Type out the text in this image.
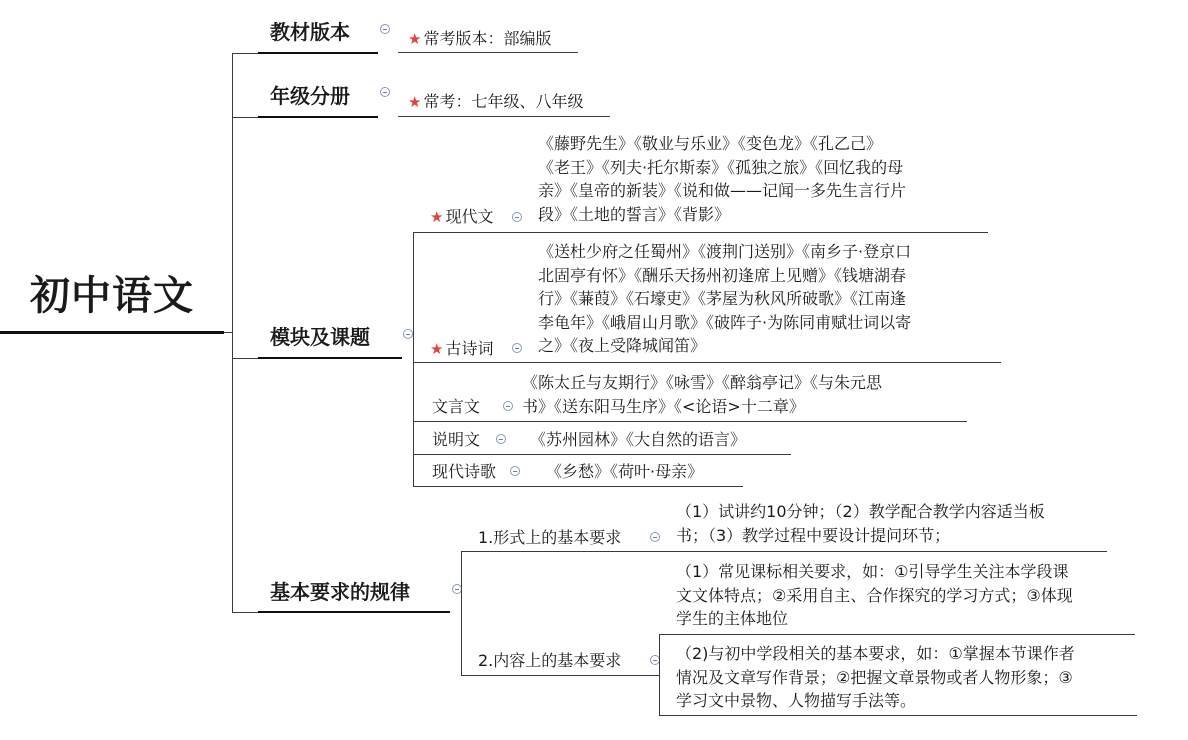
初中语文
教材版本	★ 常考版本：部编版
年级分册	★ 常考：七年级、八年级
模块及课题
★ 现代文
《藤野先生》《敬业与乐业》《变色龙》《孔乙己》
《老王》《列夫·托尔斯泰》《孤独之旅》《回忆我的母
亲》《皇帝的新装》《说和做——记闻一多先生言行片
段》《土地的誓言》《背影》
★ 古诗词
《送杜少府之任蜀州》《渡荆门送别》《南乡子·登京口
北固亭有怀》《酬乐天扬州初逢席上见赠》《钱塘湖春
行》《蒹葭》《石壕吏》《茅屋为秋风所破歌》《江南逢
李龟年》《峨眉山月歌》《破阵子·为陈同甫赋壮词以寄
之》《夜上受降城闻笛》
文言文
《陈太丘与友期行》《咏雪》《醉翁亭记》《与朱元思
书》《送东阳马生序》《<论语>十二章》
说明文	《苏州园林》《大自然的语言》
现代诗歌	《乡愁》《荷叶·母亲》
基本要求的规律
1.形式上的基本要求
（1）试讲约10分钟；（2）教学配合教学内容适当板
书；（3）教学过程中要设计提问环节；
2.内容上的基本要求
（1）常见课标相关要求，如：①引导学生关注本学段课
文文体特点；②采用自主、合作探究的学习方式；③体现
学生的主体地位
（2)与初中学段相关的基本要求，如：①掌握本节课作者
情况及文章写作背景；②把握文章景物或者人物形象；③
学习文中景物、人物描写手法等。
